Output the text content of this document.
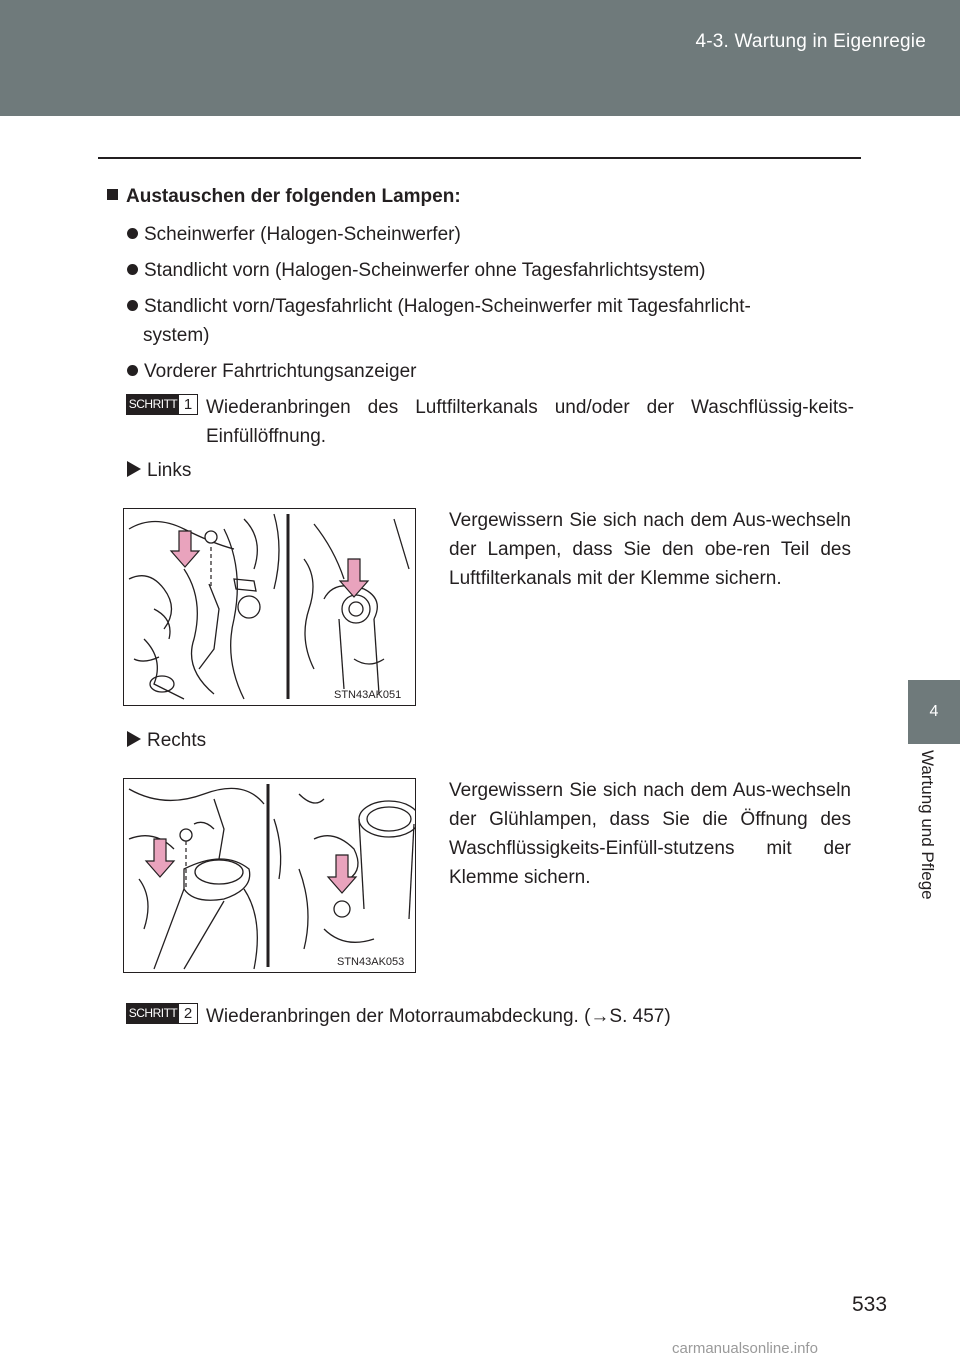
4-3. Wartung in Eigenregie
4
Wartung und Pflege
Austauschen der folgenden Lampen:
Scheinwerfer (Halogen-Scheinwerfer)
Standlicht vorn (Halogen-Scheinwerfer ohne Tagesfahrlichtsystem)
Standlicht vorn/Tagesfahrlicht (Halogen-Scheinwerfer mit Tagesfahrlicht-
system)
Vorderer Fahrtrichtungsanzeiger
SCHRITT 1 Wiederanbringen des Luftfilterkanals und/oder der Waschflüssig-keits-Einfüllöffnung.
Links
STN43AK051
Vergewissern Sie sich nach dem Aus-wechseln der Lampen, dass Sie den obe-ren Teil des Luftfilterkanals mit der Klemme sichern.
Rechts
STN43AK053
Vergewissern Sie sich nach dem Aus-wechseln der Glühlampen, dass Sie die Öffnung des Waschflüssigkeits-Einfüll-stutzens mit der Klemme sichern.
SCHRITT 2 Wiederanbringen der Motorraumabdeckung. (→S. 457)
533
carmanualsonline.info
